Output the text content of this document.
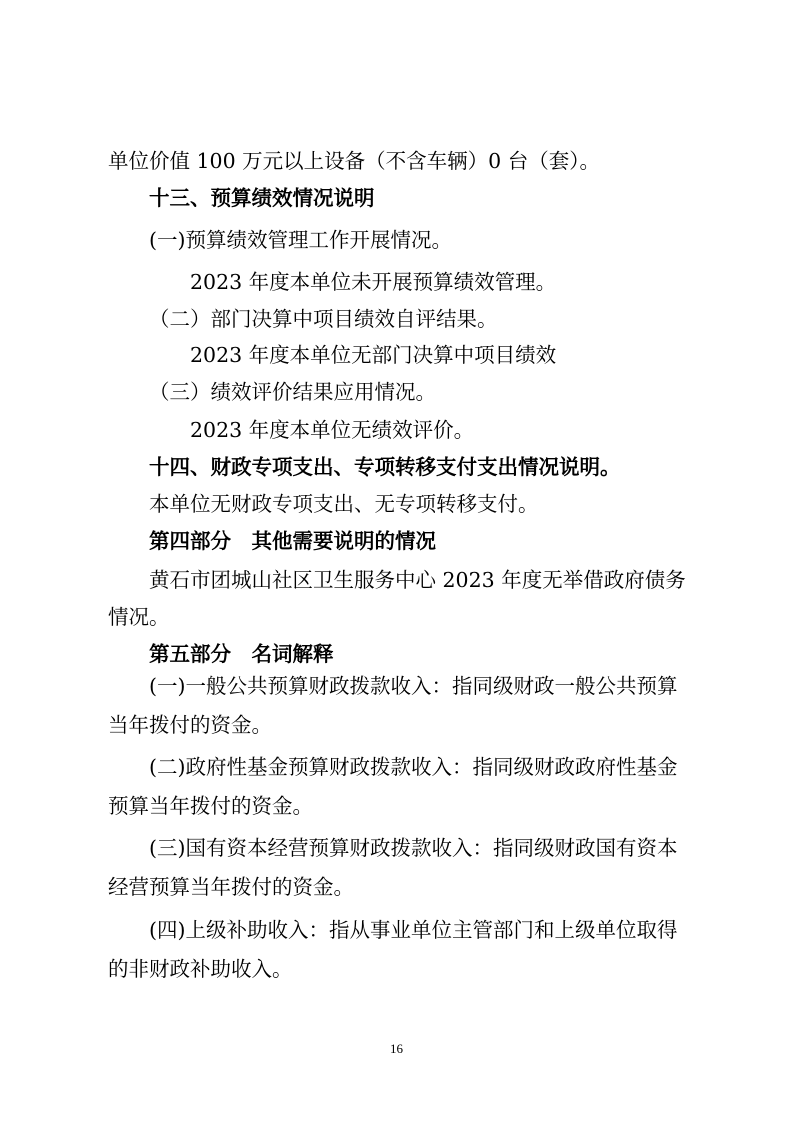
单位价值 100 万元以上设备（不含车辆）0 台（套）。
十三、预算绩效情况说明
(一)预算绩效管理工作开展情况。
2023 年度本单位未开展预算绩效管理。
（二）部门决算中项目绩效自评结果。
2023 年度本单位无部门决算中项目绩效
（三）绩效评价结果应用情况。
2023 年度本单位无绩效评价。
十四、财政专项支出、专项转移支付支出情况说明。
本单位无财政专项支出、无专项转移支付。
第四部分　其他需要说明的情况
黄石市团城山社区卫生服务中心 2023 年度无举借政府债务
情况。
第五部分　名词解释
(一)一般公共预算财政拨款收入：指同级财政一般公共预算
当年拨付的资金。
(二)政府性基金预算财政拨款收入：指同级财政政府性基金
预算当年拨付的资金。
(三)国有资本经营预算财政拨款收入：指同级财政国有资本
经营预算当年拨付的资金。
(四)上级补助收入：指从事业单位主管部门和上级单位取得
的非财政补助收入。
16
